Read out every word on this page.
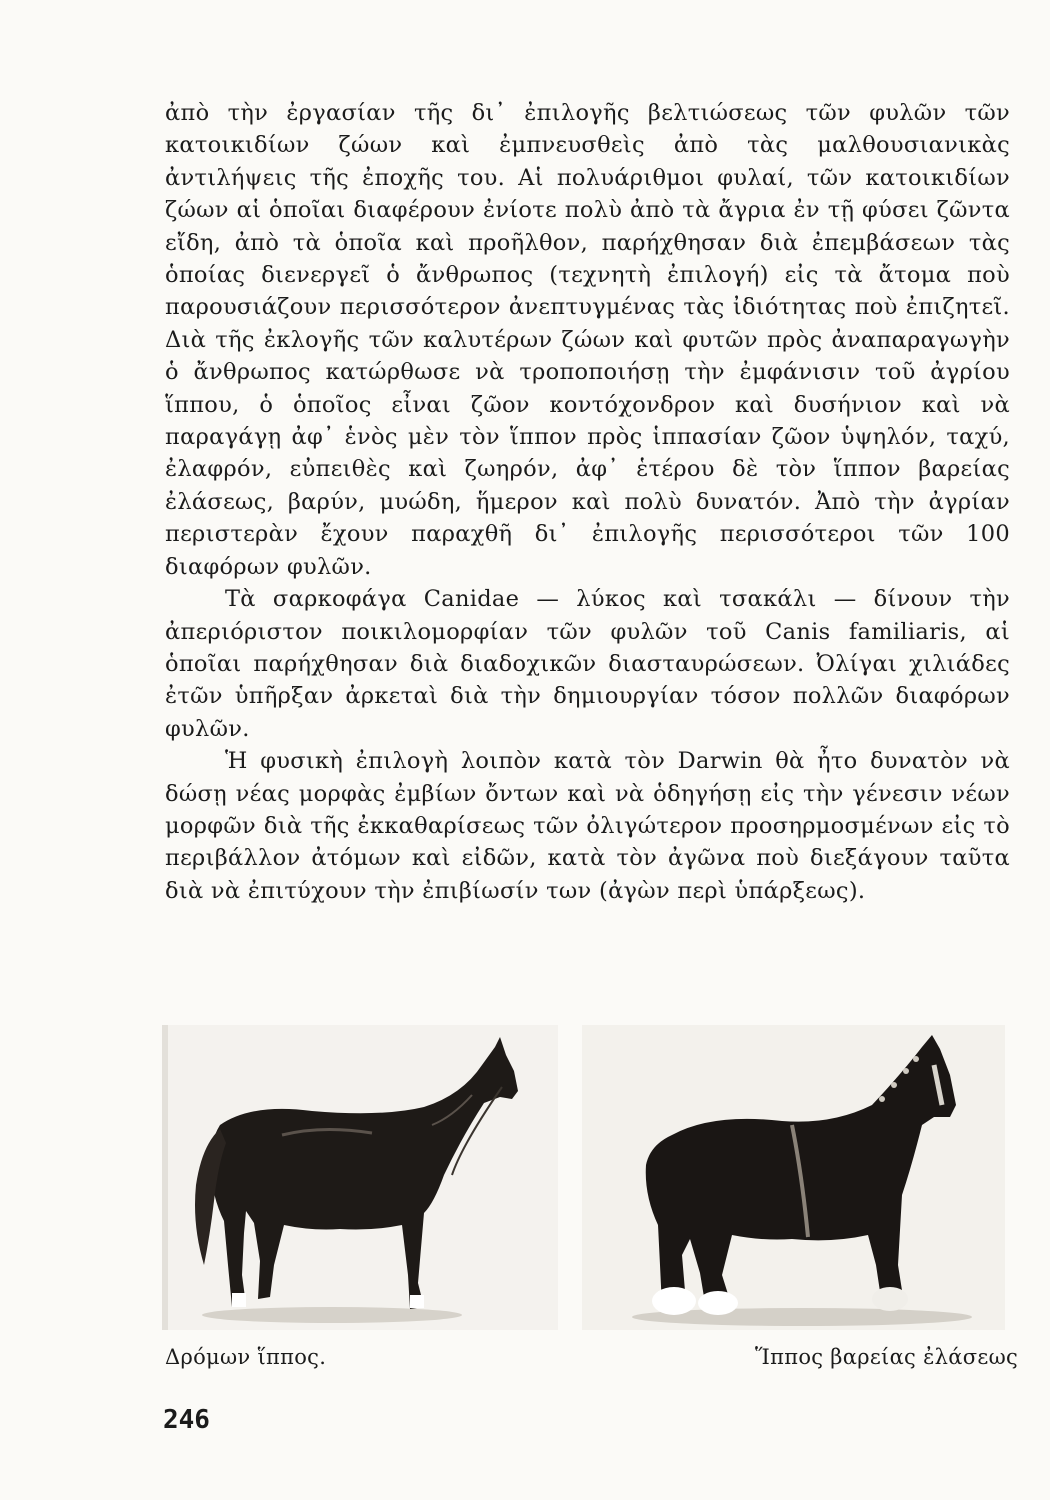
ἀπὸ τὴν ἐργασίαν τῆς δι᾽ ἐπιλογῆς βελτιώσεως τῶν φυλῶν τῶν κατοικιδίων ζώων καὶ ἐμπνευσθεὶς ἀπὸ τὰς μαλθουσιανικὰς ἀντιλήψεις τῆς ἐποχῆς του. Αἱ πολυάριθμοι φυλαί, τῶν κατοικιδίων ζώων αἱ ὁποῖαι διαφέρουν ἐνίοτε πολὺ ἀπὸ τὰ ἄγρια ἐν τῇ φύσει ζῶντα εἴδη, ἀπὸ τὰ ὁποῖα καὶ προῆλθον, παρήχθησαν διὰ ἐπεμβάσεων τὰς ὁποίας διενεργεῖ ὁ ἄνθρωπος (τεχνητὴ ἐπιλογή) εἰς τὰ ἄτομα ποὺ παρουσιάζουν περισσότερον ἀνεπτυγμένας τὰς ἰδιότητας ποὺ ἐπιζητεῖ. Διὰ τῆς ἐκλογῆς τῶν καλυτέρων ζώων καὶ φυτῶν πρὸς ἀναπαραγωγὴν ὁ ἄνθρωπος κατώρθωσε νὰ τροποποιήσῃ τὴν ἐμφάνισιν τοῦ ἀγρίου ἵππου, ὁ ὁποῖος εἶναι ζῶον κοντόχονδρον καὶ δυσήνιον καὶ νὰ παραγάγῃ ἀφ᾽ ἑνὸς μὲν τὸν ἵππον πρὸς ἱππασίαν ζῶον ὑψηλόν, ταχύ, ἐλαφρόν, εὐπειθὲς καὶ ζωηρόν, ἀφ᾽ ἑτέρου δὲ τὸν ἵππον βαρείας ἐλάσεως, βαρύν, μυώδη, ἥμερον καὶ πολὺ δυνατόν. Ἀπὸ τὴν ἀγρίαν περιστερὰν ἔχουν παραχθῆ δι᾽ ἐπιλογῆς περισσότεροι τῶν 100 διαφόρων φυλῶν.

Τὰ σαρκοφάγα Canidae — λύκος καὶ τσακάλι — δίνουν τὴν ἀπεριόριστον ποικιλομορφίαν τῶν φυλῶν τοῦ Canis familiaris, αἱ ὁποῖαι παρήχθησαν διὰ διαδοχικῶν διασταυρώσεων. Ὀλίγαι χιλιάδες ἐτῶν ὑπῆρξαν ἀρκεταὶ διὰ τὴν δημιουργίαν τόσον πολλῶν διαφόρων φυλῶν.

Ἡ φυσικὴ ἐπιλογὴ λοιπὸν κατὰ τὸν Darwin θὰ ἦτο δυνατὸν νὰ δώσῃ νέας μορφὰς ἐμβίων ὄντων καὶ νὰ ὁδηγήσῃ εἰς τὴν γένεσιν νέων μορφῶν διὰ τῆς ἐκκαθαρίσεως τῶν ὀλιγώτερον προσηρμοσμένων εἰς τὸ περιβάλλον ἀτόμων καὶ εἰδῶν, κατὰ τὸν ἀγῶνα ποὺ διεξάγουν ταῦτα διὰ νὰ ἐπιτύχουν τὴν ἐπιβίωσίν των (ἀγὼν περὶ ὑπάρξεως).

Δρόμων ἵππος.	Ἵππος βαρείας ἐλάσεως
246
